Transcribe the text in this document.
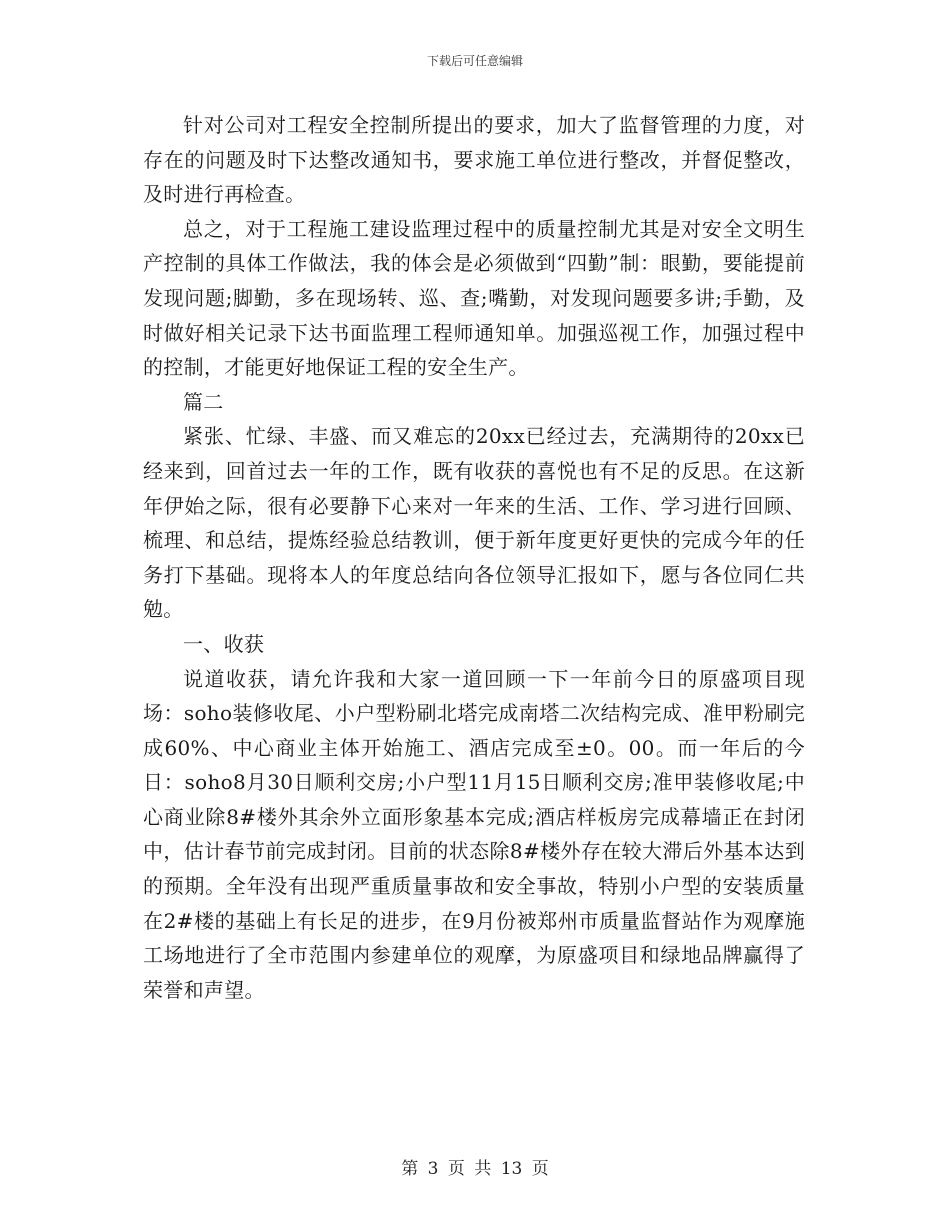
下载后可任意编辑

针对公司对工程安全控制所提出的要求，加大了监督管理的力度，对存在的问题及时下达整改通知书，要求施工单位进行整改，并督促整改，及时进行再检查。

总之，对于工程施工建设监理过程中的质量控制尤其是对安全文明生产控制的具体工作做法，我的体会是必须做到“四勤”制：眼勤，要能提前发现问题;脚勤，多在现场转、巡、查;嘴勤，对发现问题要多讲;手勤，及时做好相关记录下达书面监理工程师通知单。加强巡视工作，加强过程中的控制，才能更好地保证工程的安全生产。

篇二

紧张、忙绿、丰盛、而又难忘的20xx已经过去，充满期待的20xx已经来到，回首过去一年的工作，既有收获的喜悦也有不足的反思。在这新年伊始之际，很有必要静下心来对一年来的生活、工作、学习进行回顾、梳理、和总结，提炼经验总结教训，便于新年度更好更快的完成今年的任务打下基础。现将本人的年度总结向各位领导汇报如下，愿与各位同仁共勉。

一、收获

说道收获，请允许我和大家一道回顾一下一年前今日的原盛项目现场：soho装修收尾、小户型粉刷北塔完成南塔二次结构完成、准甲粉刷完成60%、中心商业主体开始施工、酒店完成至±0。00。而一年后的今日：soho8月30日顺利交房;小户型11月15日顺利交房;准甲装修收尾;中心商业除8#楼外其余外立面形象基本完成;酒店样板房完成幕墙正在封闭中，估计春节前完成封闭。目前的状态除8#楼外存在较大滞后外基本达到的预期。全年没有出现严重质量事故和安全事故，特别小户型的安装质量在2#楼的基础上有长足的进步，在9月份被郑州市质量监督站作为观摩施工场地进行了全市范围内参建单位的观摩，为原盛项目和绿地品牌赢得了荣誉和声望。

第 3 页 共 13 页
